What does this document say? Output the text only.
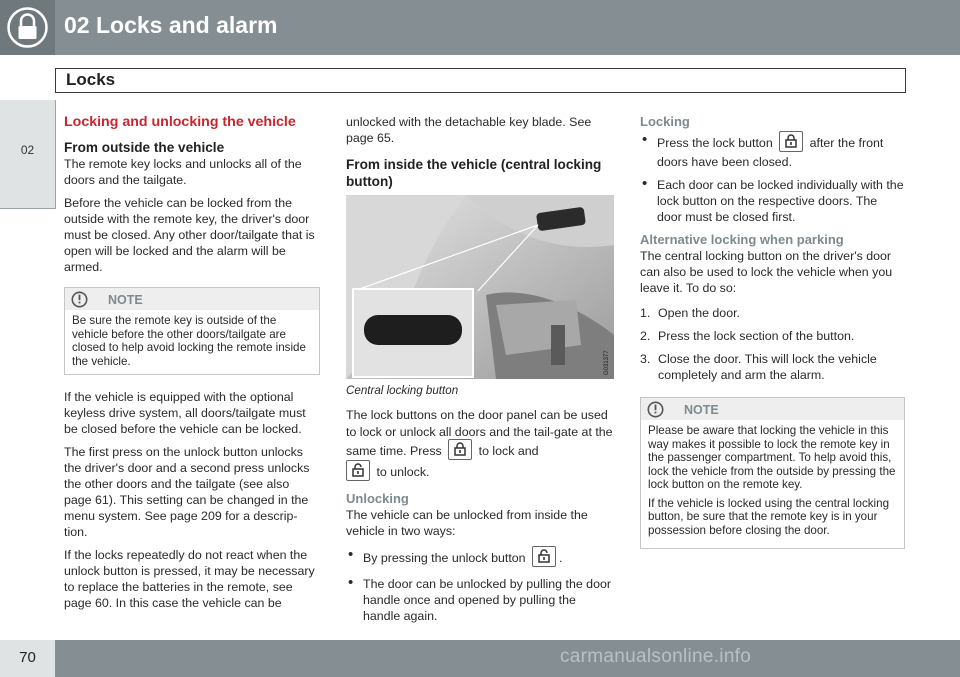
02 Locks and alarm
Locks
02
Locking and unlocking the vehicle
From outside the vehicle

The remote key locks and unlocks all of the doors and the tailgate.

Before the vehicle can be locked from the outside with the remote key, the driver's door must be closed. Any other door/tailgate that is open will be locked and the alarm will be armed.

NOTE
Be sure the remote key is outside of the vehicle before the other doors/tailgate are closed to help avoid locking the remote inside the vehicle.

If the vehicle is equipped with the optional keyless drive system, all doors/tailgate must be closed before the vehicle can be locked.

The first press on the unlock button unlocks the driver's door and a second press unlocks the other doors and the tailgate (see also page 61). This setting can be changed in the menu system. See page 209 for a descrip-tion.

If the locks repeatedly do not react when the unlock button is pressed, it may be necessary to replace the batteries in the remote, see page 60. In this case the vehicle can be

unlocked with the detachable key blade. See page 65.

From inside the vehicle (central locking button)
G031377
Central locking button

The lock buttons on the door panel can be used to lock or unlock all doors and the tail-gate at the same time. Press	to lock and

to unlock.

Unlocking

The vehicle can be unlocked from inside the vehicle in two ways:

• By pressing the unlock button	.
• The door can be unlocked by pulling the door handle once and opened by pulling the handle again.
Locking
• Press the lock button	after the front doors have been closed.
• Each door can be locked individually with the lock button on the respective doors. The door must be closed first.
Alternative locking when parking

The central locking button on the driver's door can also be used to lock the vehicle when you leave it. To do so:

1. Open the door.
2. Press the lock section of the button.
3. Close the door. This will lock the vehicle completely and arm the alarm.
NOTE

Please be aware that locking the vehicle in this way makes it possible to lock the remote key in the passenger compartment. To help avoid this, lock the vehicle from the outside by pressing the lock button on the remote key.

If the vehicle is locked using the central locking button, be sure that the remote key is in your possession before closing the door.

70	carmanualsonline.info
